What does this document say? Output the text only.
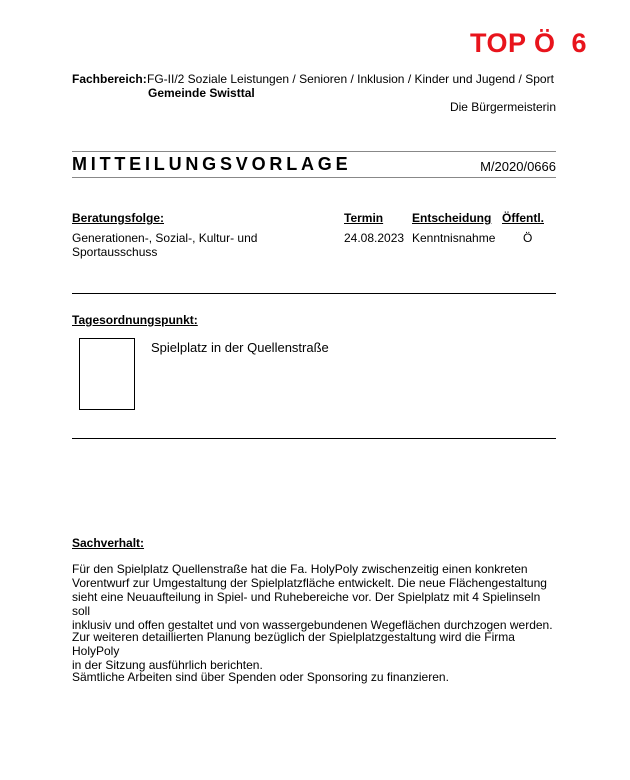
TOP Ö  6
Fachbereich: FG-II/2 Soziale Leistungen / Senioren / Inklusion / Kinder und Jugend / Sport
Gemeinde Swisttal
Die Bürgermeisterin
MITTEILUNGSVORLAGE	M/2020/0666
Beratungsfolge:	Termin Entscheidung Öffentl.
Generationen-, Sozial-, Kultur- und
Sportausschuss
24.08.2023 Kenntnisnahme Ö
Tagesordnungspunkt:
Spielplatz in der Quellenstraße
Sachverhalt:
Für den Spielplatz Quellenstraße hat die Fa. HolyPoly zwischenzeitig einen konkreten
Vorentwurf zur Umgestaltung der Spielplatzfläche entwickelt. Die neue Flächengestaltung
sieht eine Neuaufteilung in Spiel- und Ruhebereiche vor. Der Spielplatz mit 4 Spielinseln soll
inklusiv und offen gestaltet und von wassergebundenen Wegeflächen durchzogen werden.
Zur weiteren detaillierten Planung bezüglich der Spielplatzgestaltung wird die Firma HolyPoly
in der Sitzung ausführlich berichten.
Sämtliche Arbeiten sind über Spenden oder Sponsoring zu finanzieren.
